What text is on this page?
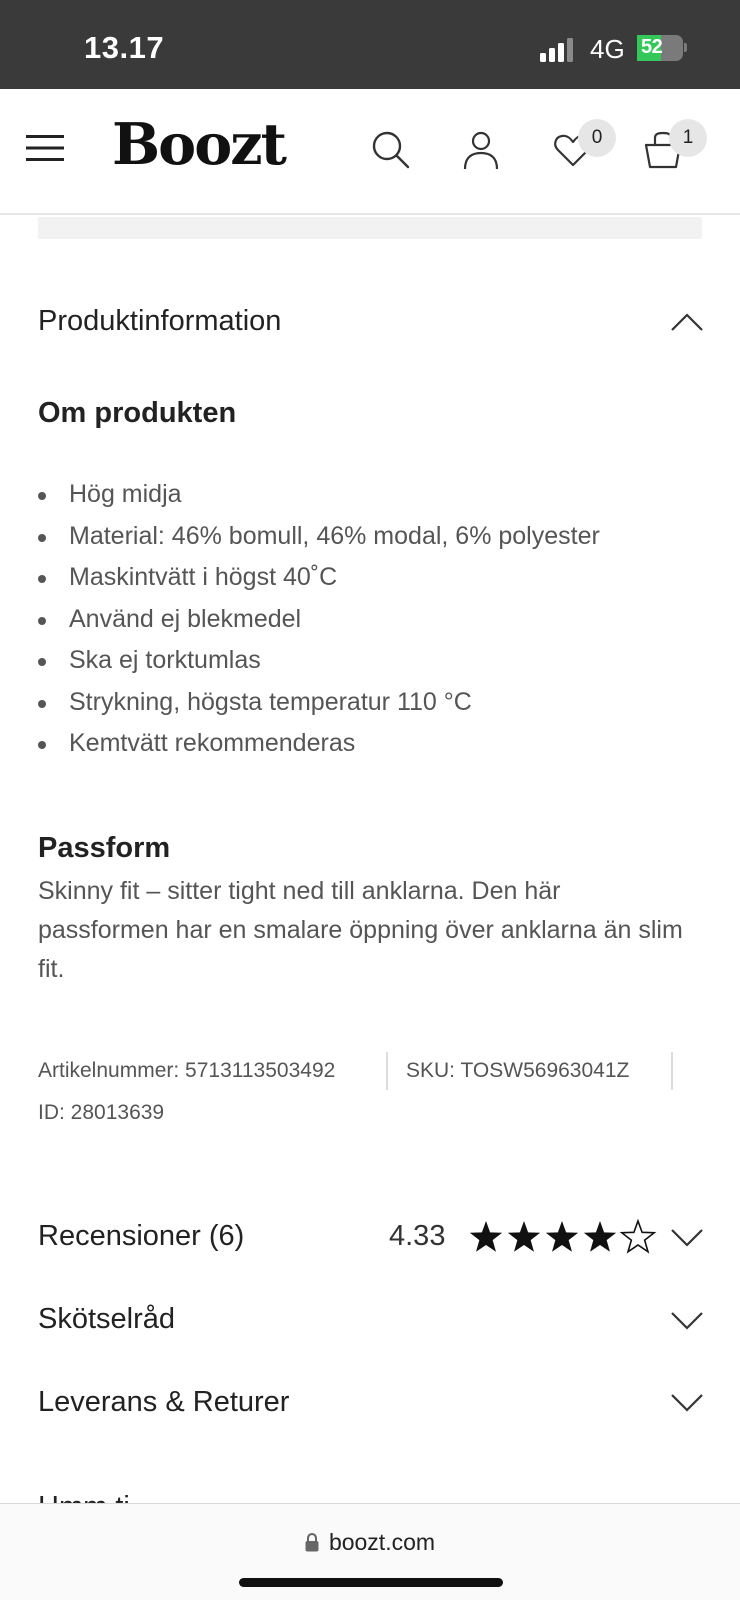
13.17	4G 52
Boozt	0	1
Produktinformation
Om produkten
Hög midja
Material: 46% bomull, 46% modal, 6% polyester
Maskintvätt i högst 40˚C
Använd ej blekmedel
Ska ej torktumlas
Strykning, högsta temperatur 110 °C
Kemtvätt rekommenderas
Passform
Skinny fit – sitter tight ned till anklarna. Den här passformen har en smalare öppning över anklarna än slim fit.
Artikelnummer: 5713113503492	SKU: TOSW56963041Z
ID: 28013639
Recensioner (6)	4.33
Skötselråd
Leverans & Returer
boozt.com
